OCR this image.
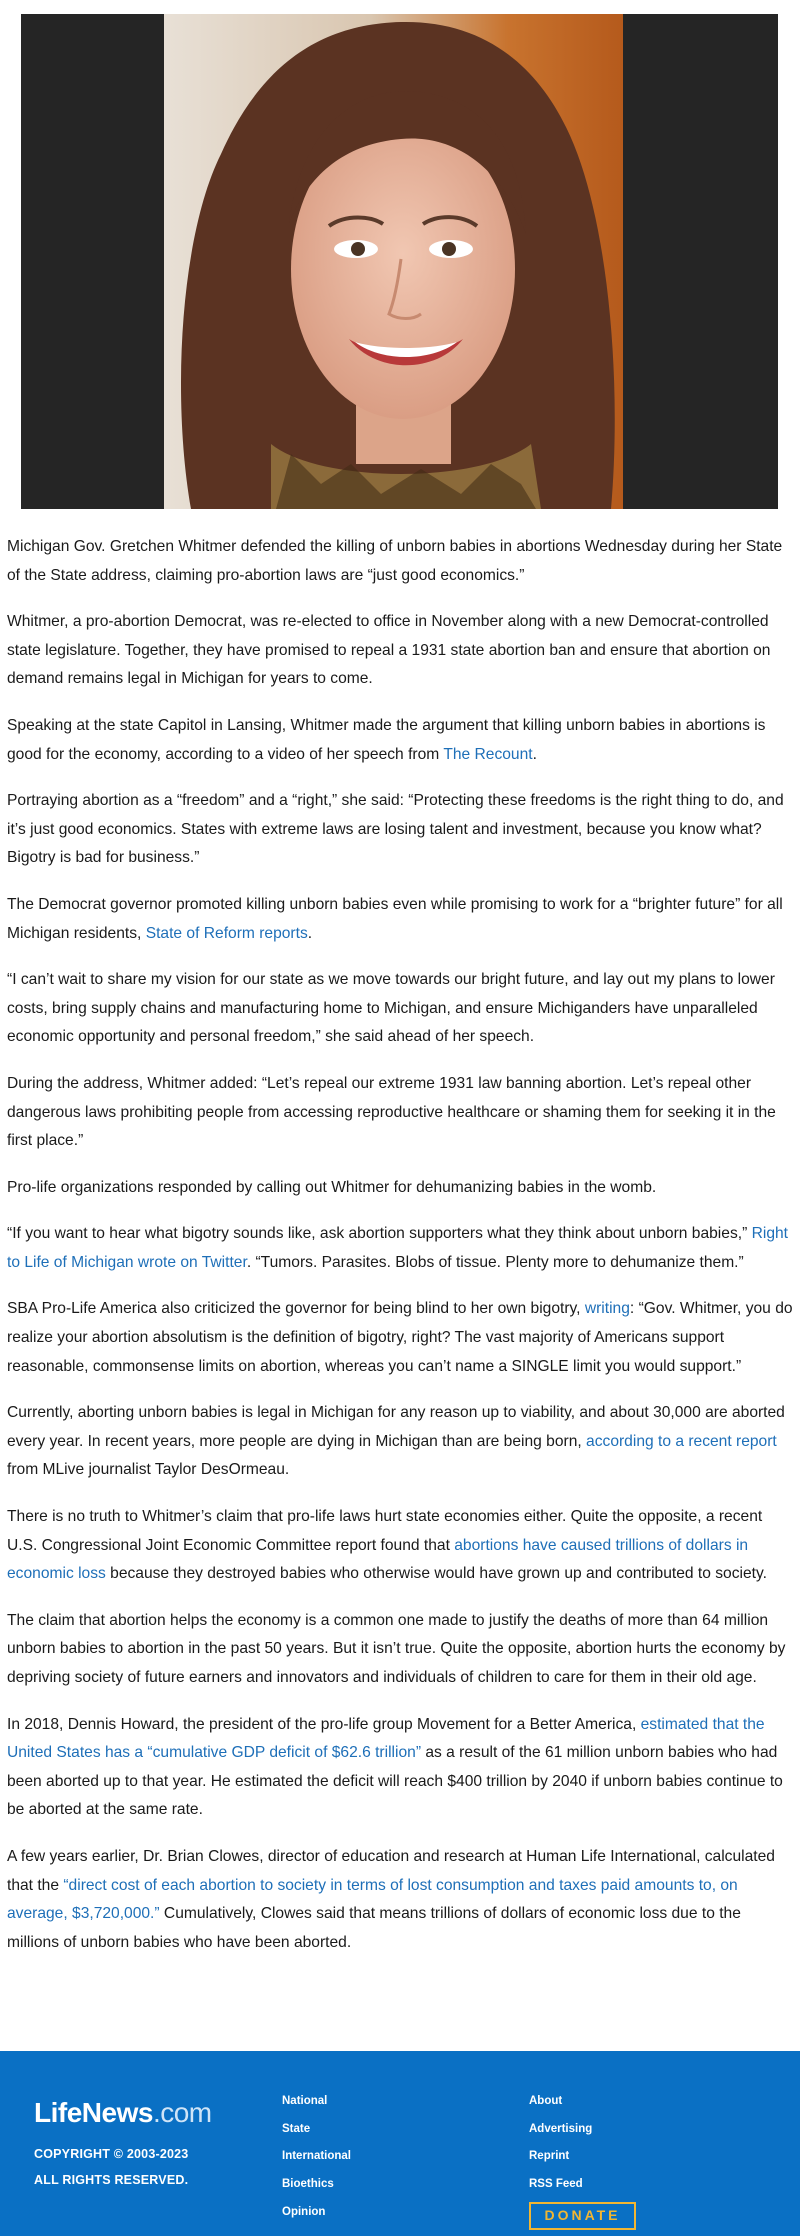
Michigan Gov. Gretchen Whitmer defended the killing of unborn babies in abortions Wednesday during her State of the State address, claiming pro-abortion laws are “just good economics.”

Whitmer, a pro-abortion Democrat, was re-elected to office in November along with a new Democrat-controlled state legislature. Together, they have promised to repeal a 1931 state abortion ban and ensure that abortion on demand remains legal in Michigan for years to come.

Speaking at the state Capitol in Lansing, Whitmer made the argument that killing unborn babies in abortions is good for the economy, according to a video of her speech from The Recount.

Portraying abortion as a “freedom” and a “right,” she said: “Protecting these freedoms is the right thing to do, and it’s just good economics. States with extreme laws are losing talent and investment, because you know what? Bigotry is bad for business.”

The Democrat governor promoted killing unborn babies even while promising to work for a “brighter future” for all Michigan residents, State of Reform reports.

“I can’t wait to share my vision for our state as we move towards our bright future, and lay out my plans to lower costs, bring supply chains and manufacturing home to Michigan, and ensure Michiganders have unparalleled economic opportunity and personal freedom,” she said ahead of her speech.

During the address, Whitmer added: “Let’s repeal our extreme 1931 law banning abortion. Let’s repeal other dangerous laws prohibiting people from accessing reproductive healthcare or shaming them for seeking it in the first place.”

Pro-life organizations responded by calling out Whitmer for dehumanizing babies in the womb.

“If you want to hear what bigotry sounds like, ask abortion supporters what they think about unborn babies,” Right to Life of Michigan wrote on Twitter. “Tumors. Parasites. Blobs of tissue. Plenty more to dehumanize them.”

SBA Pro-Life America also criticized the governor for being blind to her own bigotry, writing: “Gov. Whitmer, you do realize your abortion absolutism is the definition of bigotry, right? The vast majority of Americans support reasonable, commonsense limits on abortion, whereas you can’t name a SINGLE limit you would support.”

Currently, aborting unborn babies is legal in Michigan for any reason up to viability, and about 30,000 are aborted every year. In recent years, more people are dying in Michigan than are being born, according to a recent report from MLive journalist Taylor DesOrmeau.

There is no truth to Whitmer’s claim that pro-life laws hurt state economies either. Quite the opposite, a recent U.S. Congressional Joint Economic Committee report found that abortions have caused trillions of dollars in economic loss because they destroyed babies who otherwise would have grown up and contributed to society.

The claim that abortion helps the economy is a common one made to justify the deaths of more than 64 million unborn babies to abortion in the past 50 years. But it isn’t true. Quite the opposite, abortion hurts the economy by depriving society of future earners and innovators and individuals of children to care for them in their old age.

In 2018, Dennis Howard, the president of the pro-life group Movement for a Better America, estimated that the United States has a “cumulative GDP deficit of $62.6 trillion” as a result of the 61 million unborn babies who had been aborted up to that year. He estimated the deficit will reach $400 trillion by 2040 if unborn babies continue to be aborted at the same rate.

A few years earlier, Dr. Brian Clowes, director of education and research at Human Life International, calculated that the “direct cost of each abortion to society in terms of lost consumption and taxes paid amounts to, on average, $3,720,000.” Cumulatively, Clowes said that means trillions of dollars of economic loss due to the millions of unborn babies who have been aborted.

LifeNews.com
COPYRIGHT © 2003-2023
ALL RIGHTS RESERVED.
National
State
International
Bioethics
Opinion
About
Advertising
Reprint
RSS Feed
DONATE
